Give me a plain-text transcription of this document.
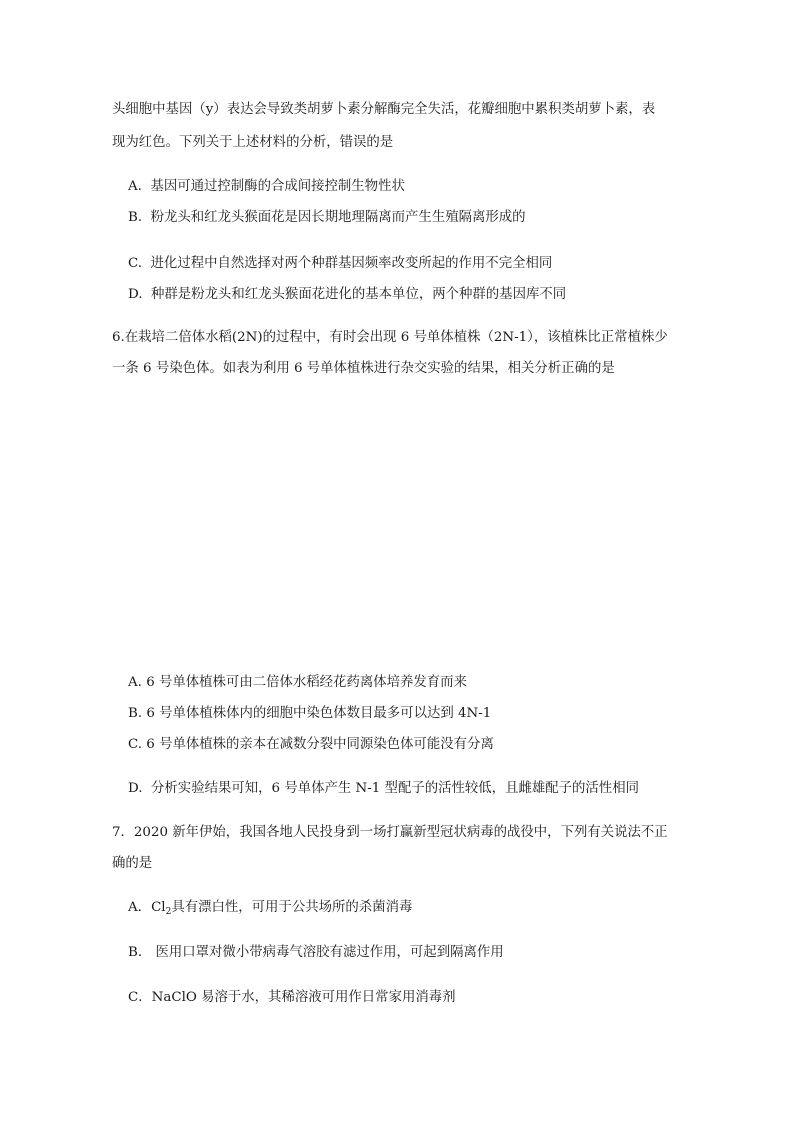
头细胞中基因（y）表达会导致类胡萝卜素分解酶完全失活，花瓣细胞中累积类胡萝卜素，表
现为红色。下列关于上述材料的分析，错误的是
A. 基因可通过控制酶的合成间接控制生物性状
B. 粉龙头和红龙头猴面花是因长期地理隔离而产生生殖隔离形成的
C. 进化过程中自然选择对两个种群基因频率改变所起的作用不完全相同
D. 种群是粉龙头和红龙头猴面花进化的基本单位，两个种群的基因库不同
6.在栽培二倍体水稻(2N)的过程中，有时会出现 6 号单体植株（2N-1），该植株比正常植株少
一条 6 号染色体。如表为利用 6 号单体植株进行杂交实验的结果，相关分析正确的是
A. 6 号单体植株可由二倍体水稻经花药离体培养发育而来
B. 6 号单体植株体内的细胞中染色体数目最多可以达到 4N-1
C. 6 号单体植株的亲本在减数分裂中同源染色体可能没有分离
D. 分析实验结果可知，6 号单体产生 N-1 型配子的活性较低，且雌雄配子的活性相同
7．2020 新年伊始，我国各地人民投身到一场打赢新型冠状病毒的战役中，下列有关说法不正
确的是
A．$Cl_2$具有漂白性，可用于公共场所的杀菌消毒
B． 医用口罩对微小带病毒气溶胶有滤过作用，可起到隔离作用
C．NaClO 易溶于水，其稀溶液可用作日常家用消毒剂
